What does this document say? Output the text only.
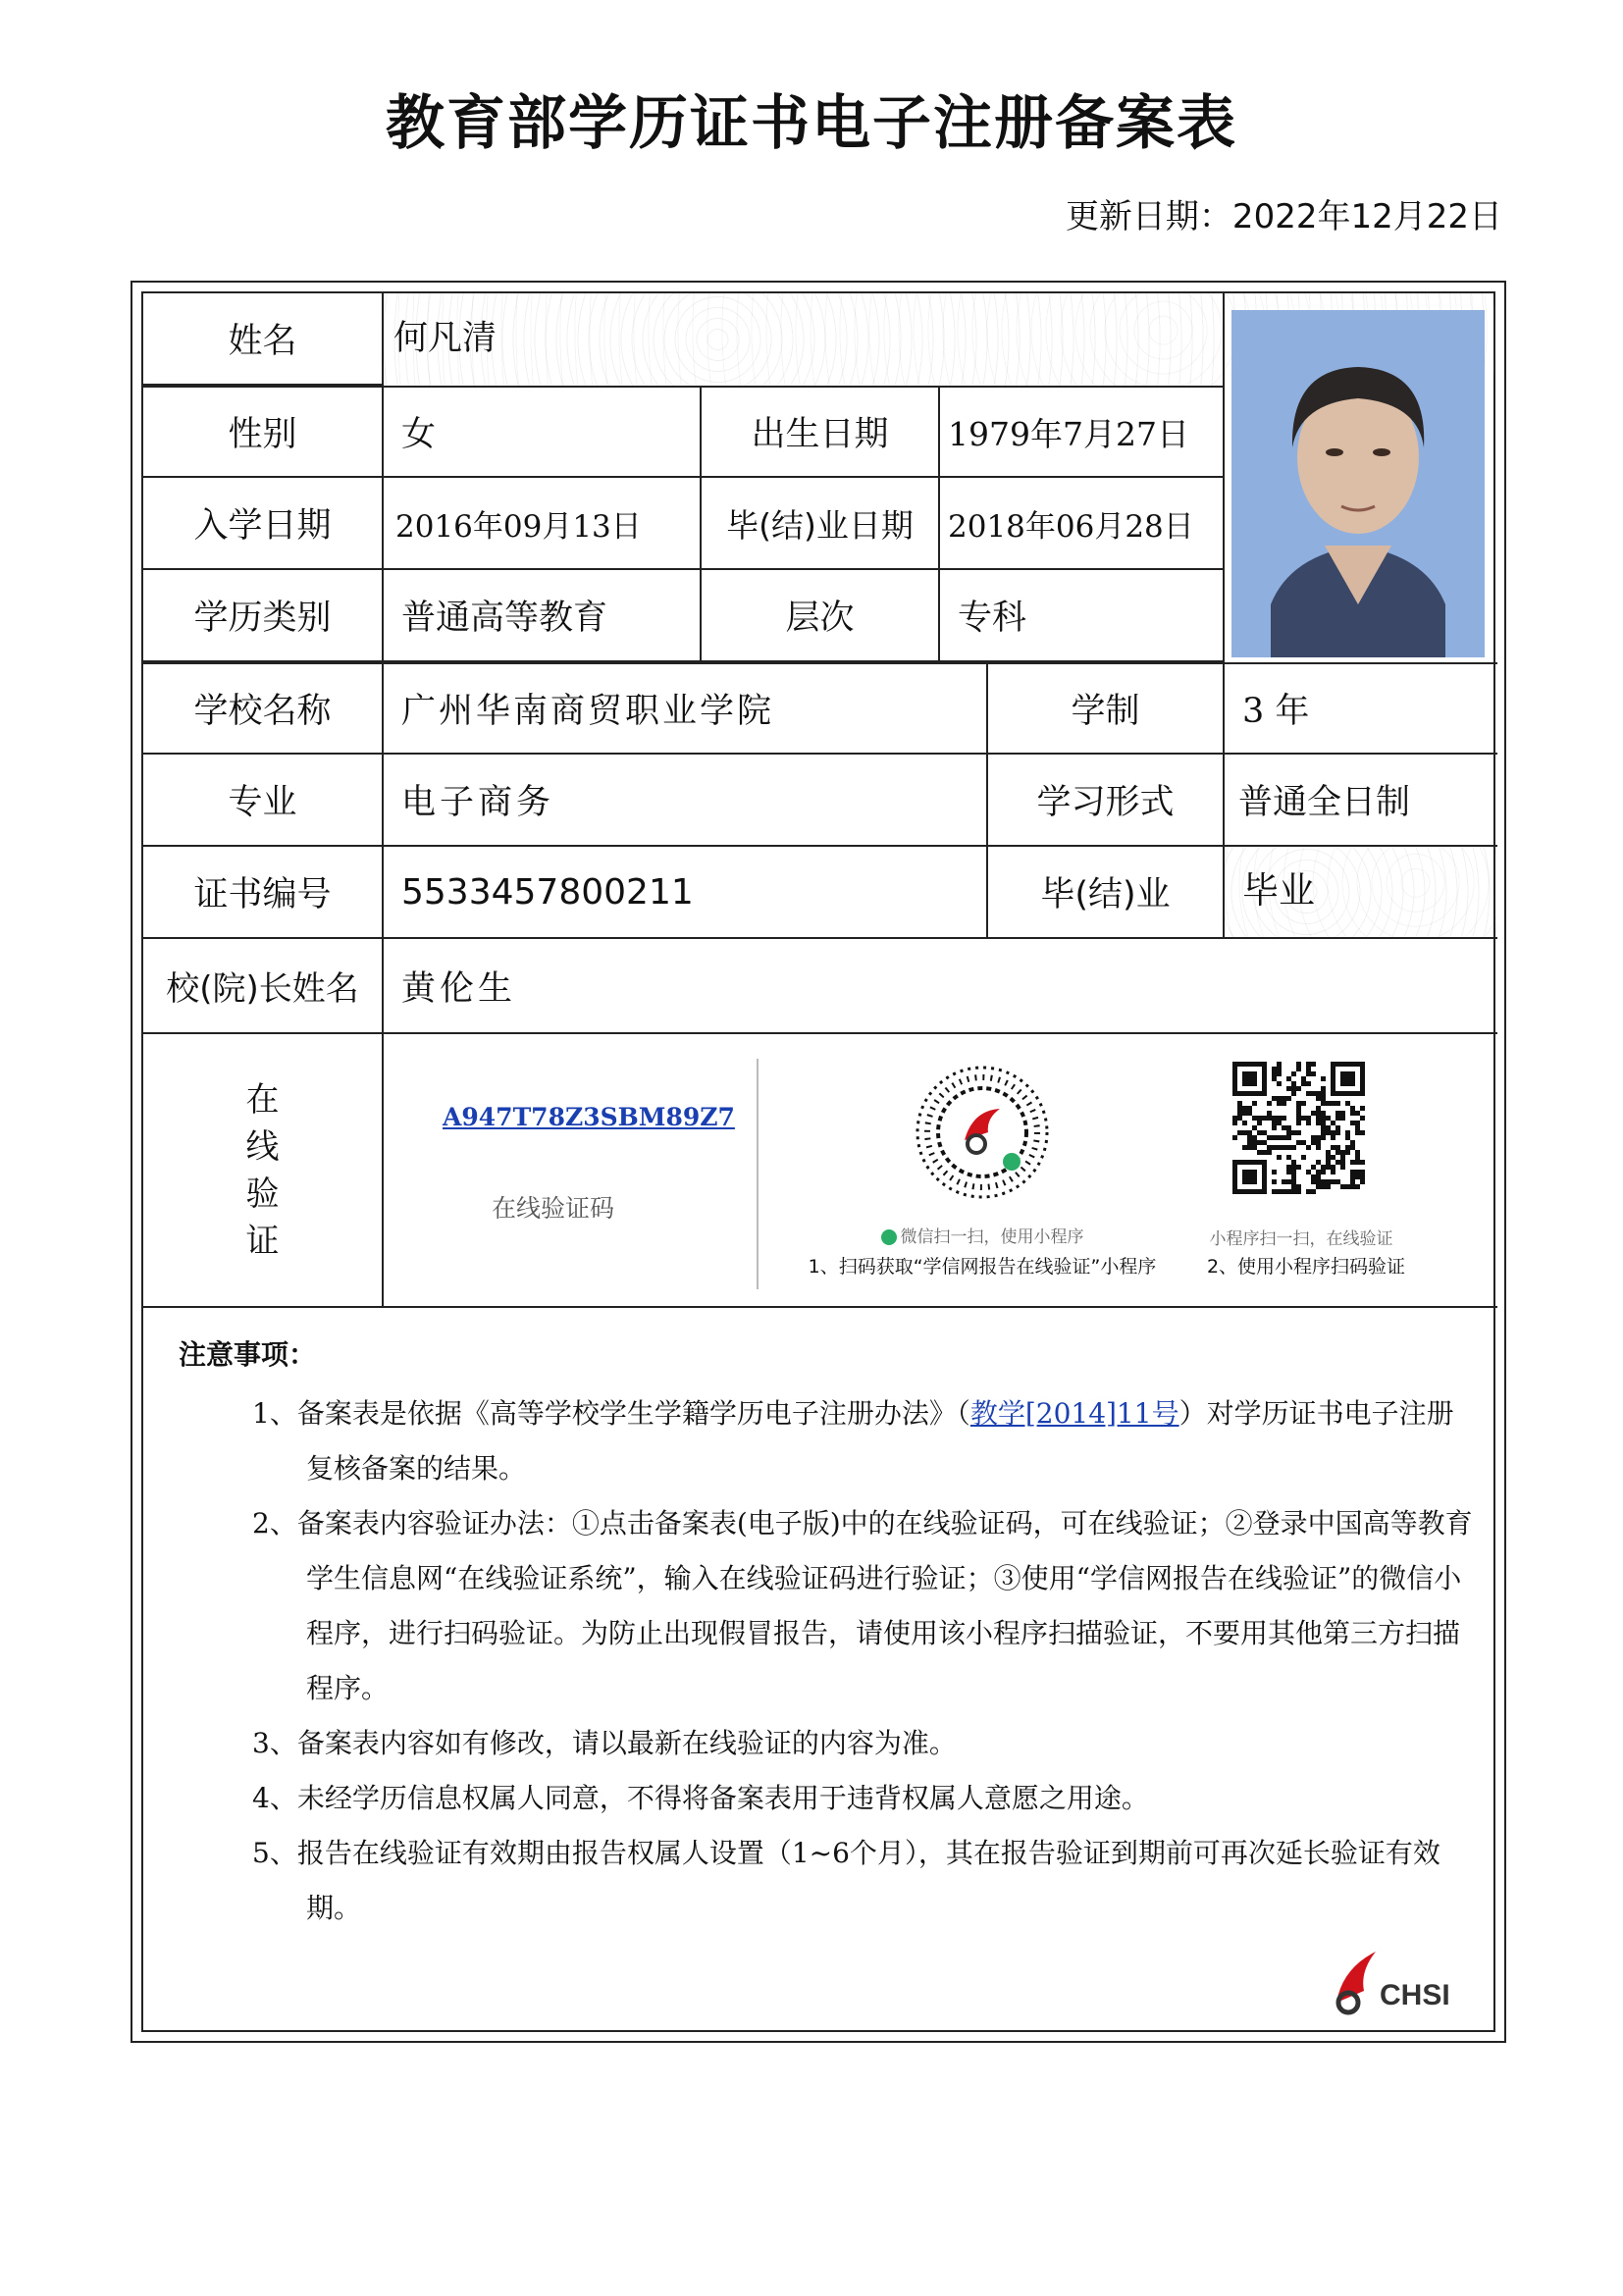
教育部学历证书电子注册备案表
更新日期：2022年12月22日
姓名	何凡清
性别	女	出生日期	1979年7月27日
入学日期	2016年09月13日	毕(结)业日期	2018年06月28日
学历类别	普通高等教育	层次	专科
学校名称	广州华南商贸职业学院	学制	3 年
专业	电子商务	学习形式	普通全日制
证书编号	5533457800211	毕(结)业	毕业
校(院)长姓名	黄伦生
在
线
验
证
A947T78Z3SBM89Z7
在线验证码
微信扫一扫，使用小程序
1、扫码获取“学信网报告在线验证”小程序
小程序扫一扫，在线验证
2、使用小程序扫码验证
注意事项：
1、备案表是依据《高等学校学生学籍学历电子注册办法》（教学[2014]11号）对学历证书电子注册复核备案的结果。
2、备案表内容验证办法：①点击备案表(电子版)中的在线验证码，可在线验证；②登录中国高等教育学生信息网“在线验证系统”，输入在线验证码进行验证；③使用“学信网报告在线验证”的微信小程序，进行扫码验证。为防止出现假冒报告，请使用该小程序扫描验证，不要用其他第三方扫描程序。
3、备案表内容如有修改，请以最新在线验证的内容为准。
4、未经学历信息权属人同意，不得将备案表用于违背权属人意愿之用途。
5、报告在线验证有效期由报告权属人设置（1~6个月），其在报告验证到期前可再次延长验证有效期。
CHSI
